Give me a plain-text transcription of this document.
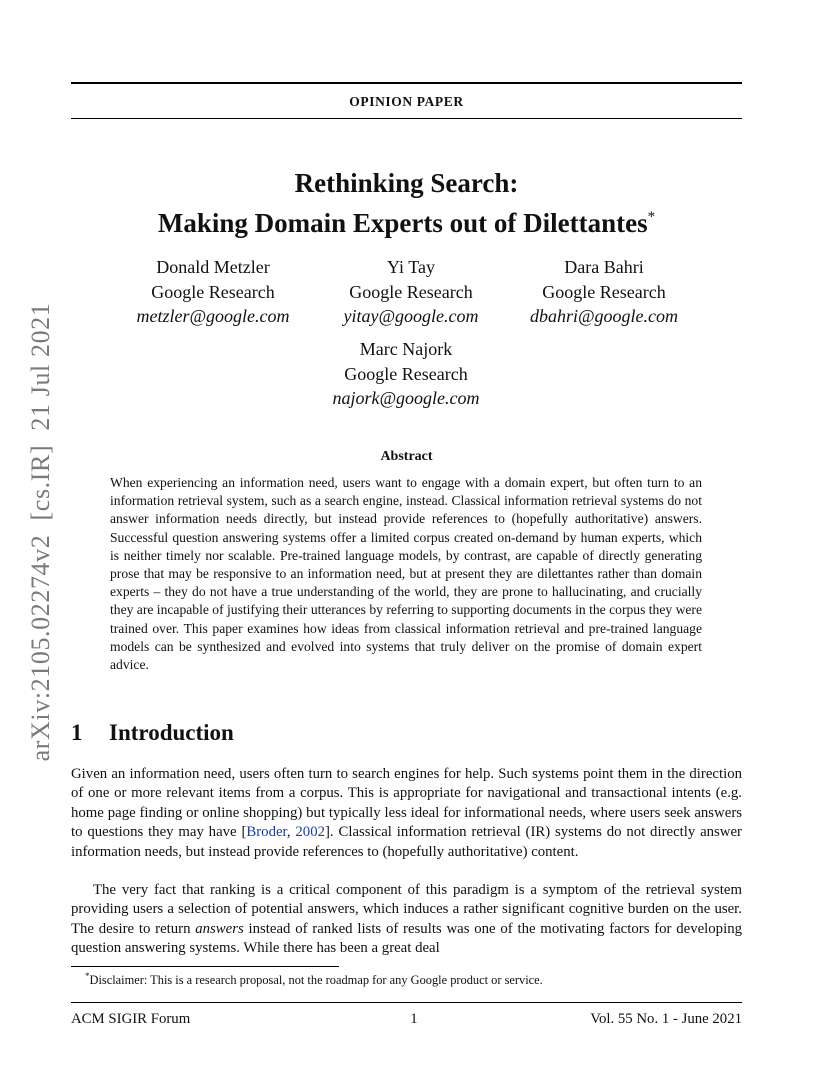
OPINION PAPER
Rethinking Search:
Making Domain Experts out of Dilettantes*
Donald Metzler
Google Research
metzler@google.com
Yi Tay
Google Research
yitay@google.com
Dara Bahri
Google Research
dbahri@google.com
Marc Najork
Google Research
najork@google.com
Abstract

When experiencing an information need, users want to engage with a domain expert, but often turn to an information retrieval system, such as a search engine, instead. Classical information retrieval systems do not answer information needs directly, but instead provide references to (hopefully authoritative) answers. Successful question answering systems offer a limited corpus created on-demand by human experts, which is neither timely nor scalable. Pre-trained language models, by contrast, are capable of directly generating prose that may be responsive to an information need, but at present they are dilettantes rather than domain experts – they do not have a true understanding of the world, they are prone to hallucinating, and crucially they are incapable of justifying their utterances by referring to supporting documents in the corpus they were trained over. This paper examines how ideas from classical information retrieval and pre-trained language models can be synthesized and evolved into systems that truly deliver on the promise of domain expert advice.

1 Introduction

Given an information need, users often turn to search engines for help. Such systems point them in the direction of one or more relevant items from a corpus. This is appropriate for navigational and transactional intents (e.g. home page finding or online shopping) but typically less ideal for informational needs, where users seek answers to questions they may have [Broder, 2002]. Classical information retrieval (IR) systems do not directly answer information needs, but instead provide references to (hopefully authoritative) content.

The very fact that ranking is a critical component of this paradigm is a symptom of the retrieval system providing users a selection of potential answers, which induces a rather significant cognitive burden on the user. The desire to return answers instead of ranked lists of results was one of the motivating factors for developing question answering systems. While there has been a great deal

*Disclaimer: This is a research proposal, not the roadmap for any Google product or service.
ACM SIGIR Forum	1	Vol. 55 No. 1 - June 2021
arXiv:2105.02274v2  [cs.IR]  21 Jul 2021
